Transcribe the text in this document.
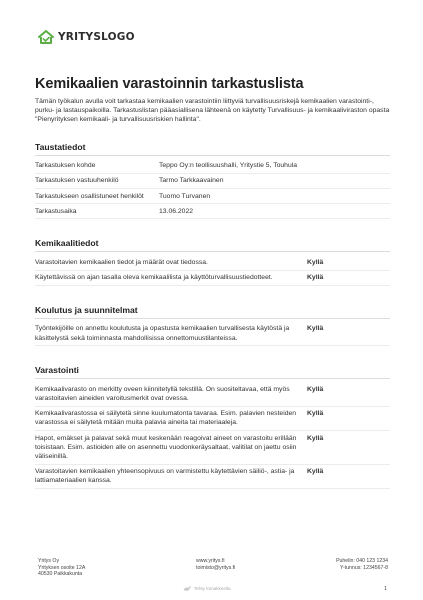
YRITYSLOGO
Kemikaalien varastoinnin tarkastuslista

Tämän työkalun avulla voit tarkastaa kemikaalien varastointiin liittyviä turvallisuusriskejä kemikaalien varastointi-, purku- ja lastauspaikoilla. Tarkastuslistan pääasiallisena lähteenä on käytetty Turvallisuus- ja kemikaaliviraston opasta "Pienyrityksen kemikaali- ja turvallisuusriskien hallinta".

Taustatiedot
Tarkastuksen kohde	Teppo Oy:n teollisuushalli, Yritystie 5, Touhula
Tarkastuksen vastuuhenkilö	Tarmo Tarkkaavainen
Tarkastukseen osallistuneet henkilöt	Tuomo Turvanen
Tarkastusaika	13.06.2022
Kemikaalitiedot
Varastoitavien kemikaalien tiedot ja määrät ovat tiedossa.	Kyllä
Käytettävissä on ajan tasalla oleva kemikaalilista ja käyttöturvallisuustiedotteet.	Kyllä
Koulutus ja suunnitelmat
Työntekijöille on annettu koulutusta ja opastusta kemikaalien turvallisesta käytöstä ja käsittelystä sekä toiminnasta mahdollisissa onnettomuustilanteissa.	Kyllä
Varastointi
Kemikaalivarasto on merkitty oveen kiinnitetyllä tekstillä. On suositeltavaa, että myös varastoitavien aineiden varoitusmerkit ovat ovessa.	Kyllä
Kemikaalivarastossa ei säilytetä sinne kuulumatonta tavaraa. Esim. palavien nesteiden varastossa ei säilytetä mitään muita palavia aineita tai materiaaleja.	Kyllä
Hapot, emäkset ja palavat sekä muut keskenään reagoivat aineet on varastoitu erillään toisistaan. Esim. astioiden alle on asennettu vuodonkeräysaltaat, valitilat on jaettu osiin väliseinillä.	Kyllä
Varastoitavien kemikaalien yhteensopivuus on varmistettu käytettävien säiliö-, astia- ja lattiamateriaalien kanssa.	Kyllä
Yritys Oy
Yrityksen osoite 12A
40530 Paikkakunta
www.yritys.fi
toimisto@yritys.fi
Puhelin: 040 123 1234
Y-tunnus: 1234567-8
Tehty lomakkeella	1
